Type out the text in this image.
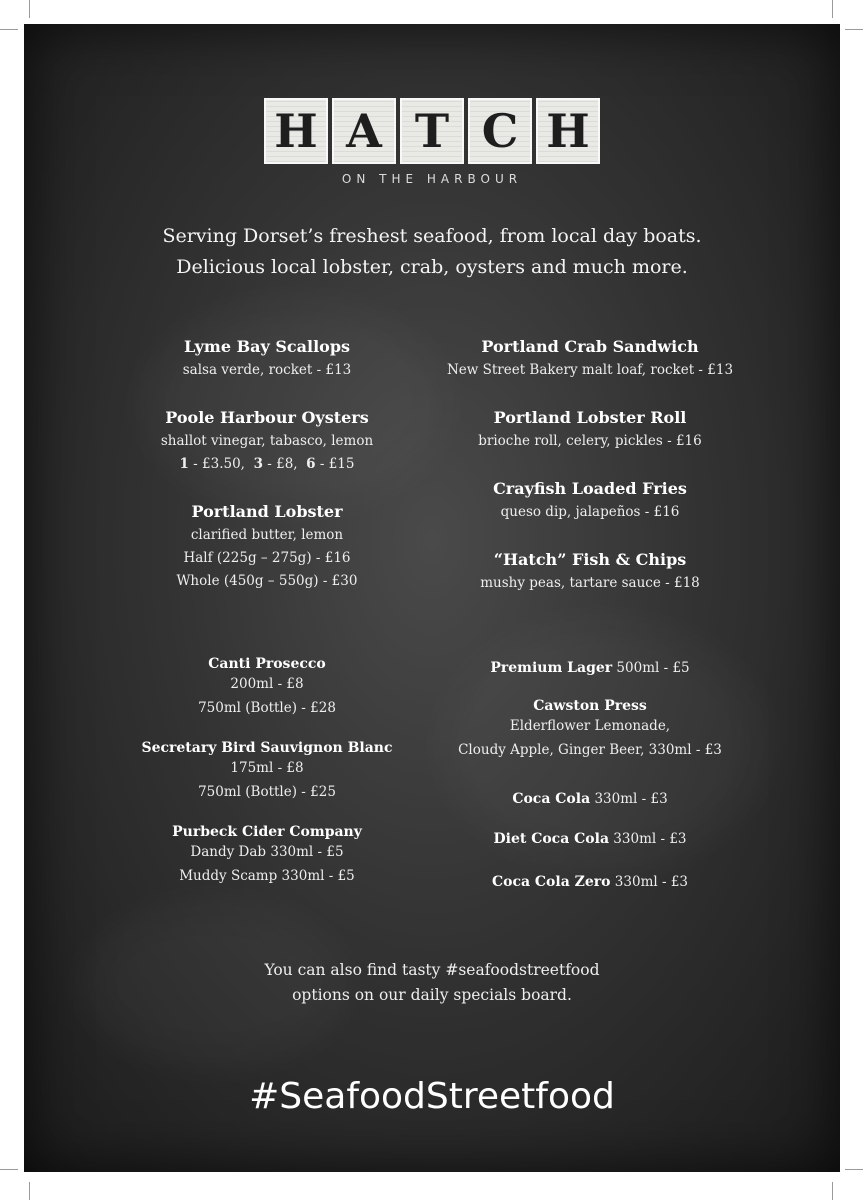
H A T C H
ON THE HARBOUR
Serving Dorset’s freshest seafood, from local day boats.
Delicious local lobster, crab, oysters and much more.
Lyme Bay Scallops
salsa verde, rocket - £13
Poole Harbour Oysters
shallot vinegar, tabasco, lemon
1 - £3.50,  3 - £8,  6 - £15
Portland Lobster
clarified butter, lemon
Half (225g – 275g) - £16
Whole (450g – 550g) - £30
Portland Crab Sandwich
New Street Bakery malt loaf, rocket - £13
Portland Lobster Roll
brioche roll, celery, pickles - £16
Crayfish Loaded Fries
queso dip, jalapeños - £16
“Hatch” Fish & Chips
mushy peas, tartare sauce - £18
Canti Prosecco
200ml - £8
750ml (Bottle) - £28
Secretary Bird Sauvignon Blanc
175ml - £8
750ml (Bottle) - £25
Purbeck Cider Company
Dandy Dab 330ml - £5
Muddy Scamp 330ml - £5
Premium Lager 500ml - £5
Cawston Press
Elderflower Lemonade,
Cloudy Apple, Ginger Beer, 330ml - £3
Coca Cola 330ml - £3
Diet Coca Cola 330ml - £3
Coca Cola Zero 330ml - £3
You can also find tasty #seafoodstreetfood
options on our daily specials board.
#SeafoodStreetfood
